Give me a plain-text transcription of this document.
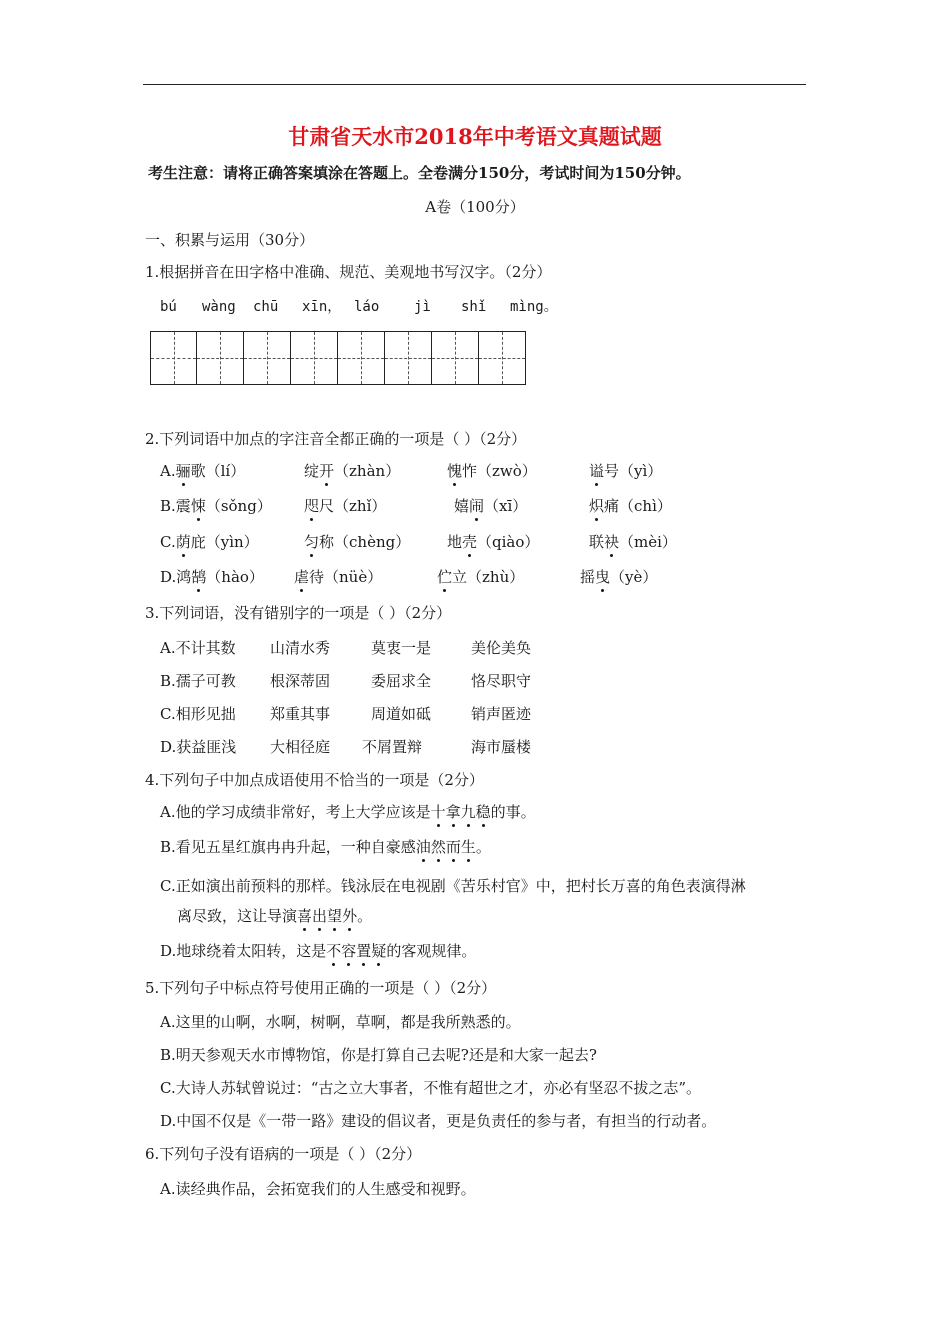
甘肃省天水市2018年中考语文真题试题
考生注意：请将正确答案填涂在答题上。全卷满分150分，考试时间为150分钟。
A卷（100分）
一、积累与运用（30分）
1.根据拼音在田字格中准确、规范、美观地书写汉字。（2分）
bú wàng chū xīn， láo jì shǐ mìng。
2.下列词语中加点的字注音全都正确的一项是（ ）（2分）
A.骊歌（lí）	绽开（zhàn）	愧怍（zwò）	谥号（yì）
B.震悚（sǒng） 咫尺（zhǐ）	嬉闹（xī）	炽痛（chì）
C.荫庇（yìn）	匀称（chèng） 地壳（qiào）	联袂（mèi）
D.鸿鹄（hào） 虐待（nüè）	伫立（zhù）	摇曳（yè）
3.下列词语，没有错别字的一项是（ ）（2分）
A.不计其数 山清水秀	莫衷一是	美伦美奂
B.孺子可教 根深蒂固	委屈求全	恪尽职守
C.相形见拙 郑重其事	周道如砥	销声匿迹
D.获益匪浅 大相径庭 不屑置辩	海市蜃楼
4.下列句子中加点成语使用不恰当的一项是（2分）
A.他的学习成绩非常好，考上大学应该是十拿九稳的事。
B.看见五星红旗冉冉升起，一种自豪感油然而生。
C.正如演出前预料的那样。钱泳辰在电视剧《苦乐村官》中，把村长万喜的角色表演得淋
离尽致，这让导演喜出望外。
D.地球绕着太阳转，这是不容置疑的客观规律。
5.下列句子中标点符号使用正确的一项是（ ）（2分）
A.这里的山啊，水啊，树啊，草啊，都是我所熟悉的。
B.明天参观天水市博物馆，你是打算自己去呢?还是和大家一起去?
C.大诗人苏轼曾说过：“古之立大事者，不惟有超世之才，亦必有坚忍不拔之志”。
D.中国不仅是《一带一路》建设的倡议者，更是负责任的参与者，有担当的行动者。
6.下列句子没有语病的一项是（ ）（2分）
A.读经典作品，会拓宽我们的人生感受和视野。
